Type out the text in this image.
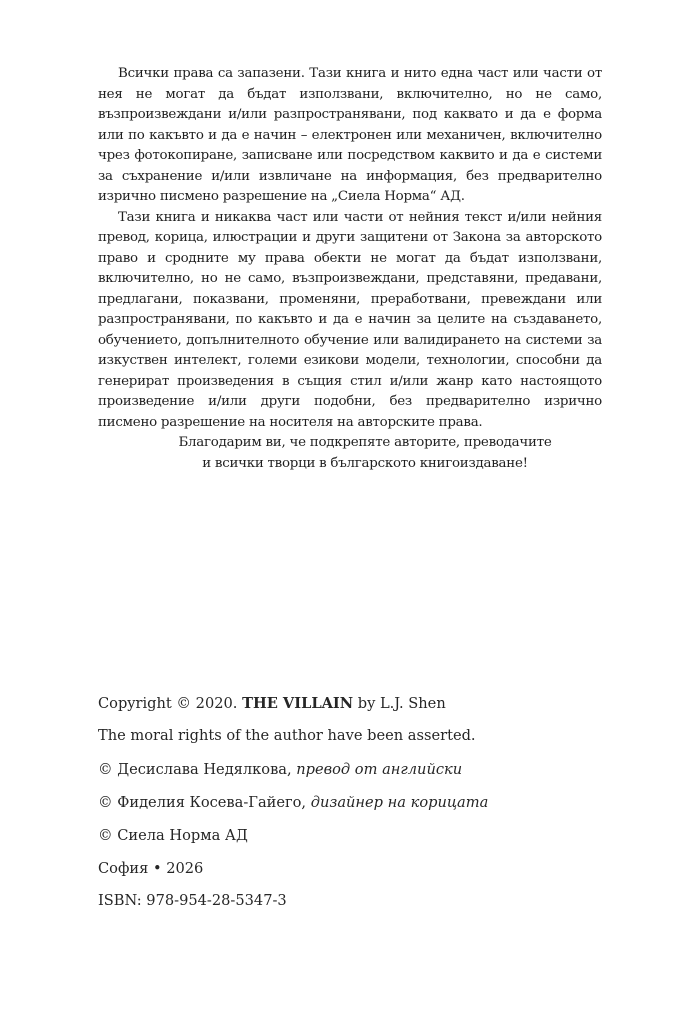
Всички права са запазени. Тази книга и нито една част или части от нея не могат да бъдат използвани, включително, но не само, възпроизвеждани и/или разпространявани, под каквато и да е форма или по какъвто и да е начин – електронен или механичен, включително чрез фотокопиране, записване или посредством каквито и да е системи за съхранение и/или извличане на информация, без предварително изрично писмено разрешение на „Сиела Норма“ АД.

Тази книга и никаква част или части от нейния текст и/или нейния превод, корица, илюстрации и други защитени от Закона за авторското право и сродните му права обекти не могат да бъдат използвани, включително, но не само, възпроизвеждани, представяни, предавани, предлагани, показвани, променяни, преработвани, превеждани или разпространявани, по какъвто и да е начин за целите на създаването, обучението, допълнителното обучение или валидирането на системи за изкуствен интелект, големи езикови модели, технологии, способни да генерират произведения в същия стил и/или жанр като настоящото произведение и/или други подобни, без предварително изрично писмено разрешение на носителя на авторските права.

Благодарим ви, че подкрепяте авторите, преводачите

и всички творци в българското книгоиздаване!

Copyright © 2020. THE VILLAIN by L.J. Shen
The moral rights of the author have been asserted.
© Десислава Недялкова, превод от английски
© Фиделия Косева-Гайего, дизайнер на корицата
© Сиела Норма АД
София • 2026
ISBN: 978-954-28-5347-3
